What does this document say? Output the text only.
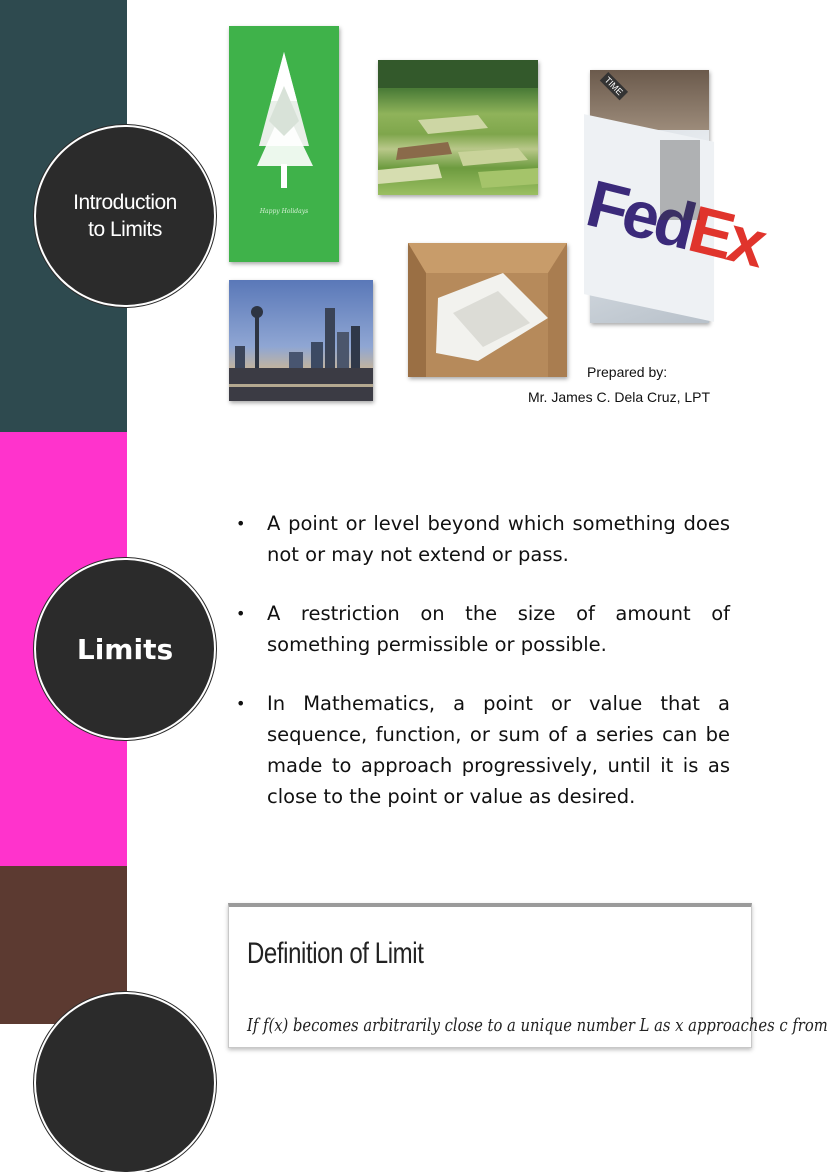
Introduction
to Limits
Happy Holidays
TIME
FedEx
Prepared by:
Mr. James C. Dela Cruz, LPT
Limits
• A point or level beyond which something does not or may not extend or pass.
• A restriction on the size of amount of something permissible or possible.
• In Mathematics, a point or value that a sequence, function, or sum of a series can be made to approach progressively, until it is as close to the point or value as desired.
Definition of Limit
If f(x) becomes arbitrarily close to a unique number L as x approaches c from
